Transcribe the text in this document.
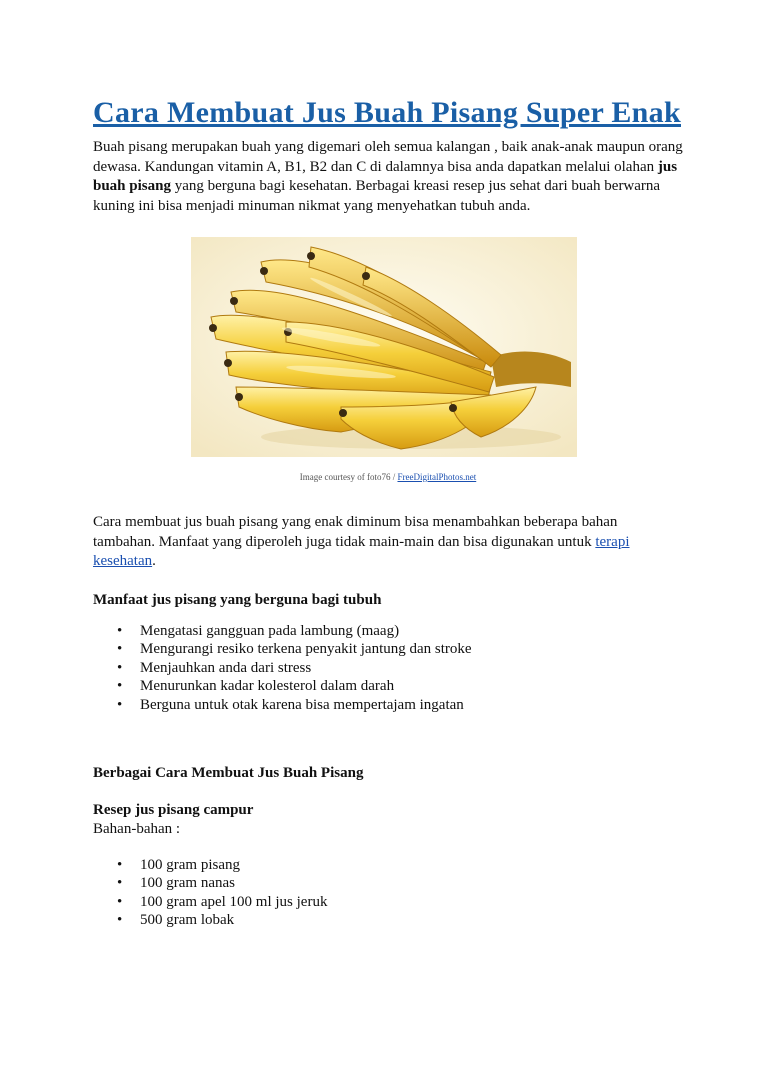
Cara Membuat Jus Buah Pisang Super Enak

Buah pisang merupakan buah yang digemari oleh semua kalangan , baik anak-anak maupun orang dewasa. Kandungan vitamin A, B1, B2 dan C di dalamnya bisa anda dapatkan melalui olahan jus buah pisang yang berguna bagi kesehatan. Berbagai kreasi resep jus sehat dari buah berwarna kuning ini bisa menjadi minuman nikmat yang menyehatkan tubuh anda.

Image courtesy of foto76 / FreeDigitalPhotos.net

Cara membuat jus buah pisang yang enak diminum bisa menambahkan beberapa bahan tambahan. Manfaat yang diperoleh juga tidak main-main dan bisa digunakan untuk terapi kesehatan.

Manfaat jus pisang yang berguna bagi tubuh

• Mengatasi gangguan pada lambung (maag)
• Mengurangi resiko terkena penyakit jantung dan stroke
• Menjauhkan anda dari stress
• Menurunkan kadar kolesterol dalam darah
• Berguna untuk otak karena bisa mempertajam ingatan

Berbagai Cara Membuat Jus Buah Pisang

Resep jus pisang campur

Bahan-bahan :

• 100 gram pisang
• 100 gram nanas
• 100 gram apel 100 ml jus jeruk
• 500 gram lobak
